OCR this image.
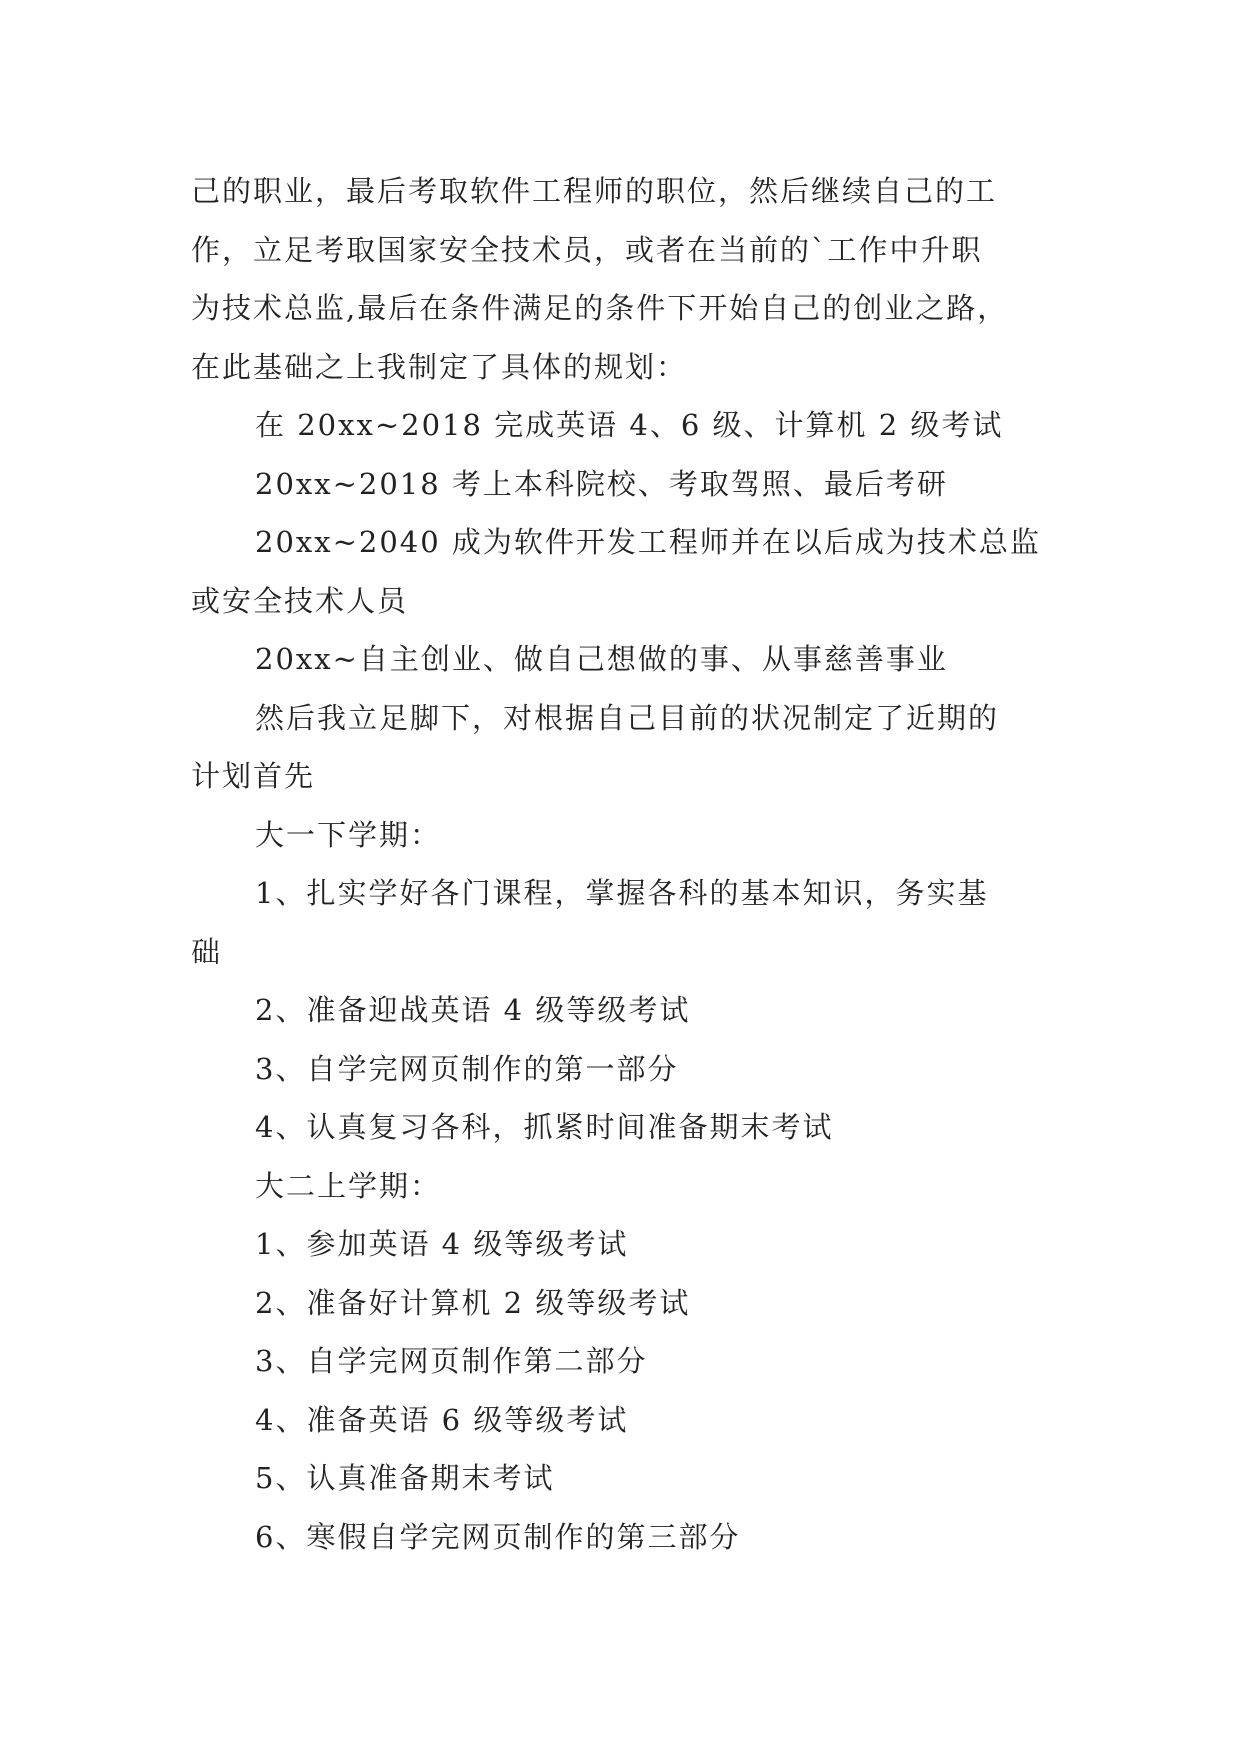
己的职业，最后考取软件工程师的职位，然后继续自己的工
作，立足考取国家安全技术员，或者在当前的`工作中升职
为技术总监,最后在条件满足的条件下开始自己的创业之路，
在此基础之上我制定了具体的规划：
在 20xx~2018 完成英语 4、6 级、计算机 2 级考试
20xx~2018 考上本科院校、考取驾照、最后考研
20xx~2040 成为软件开发工程师并在以后成为技术总监
或安全技术人员
20xx~自主创业、做自己想做的事、从事慈善事业
然后我立足脚下，对根据自己目前的状况制定了近期的
计划首先
大一下学期：
1、扎实学好各门课程，掌握各科的基本知识，务实基
础
2、准备迎战英语 4 级等级考试
3、自学完网页制作的第一部分
4、认真复习各科，抓紧时间准备期末考试
大二上学期：
1、参加英语 4 级等级考试
2、准备好计算机 2 级等级考试
3、自学完网页制作第二部分
4、准备英语 6 级等级考试
5、认真准备期末考试
6、寒假自学完网页制作的第三部分
